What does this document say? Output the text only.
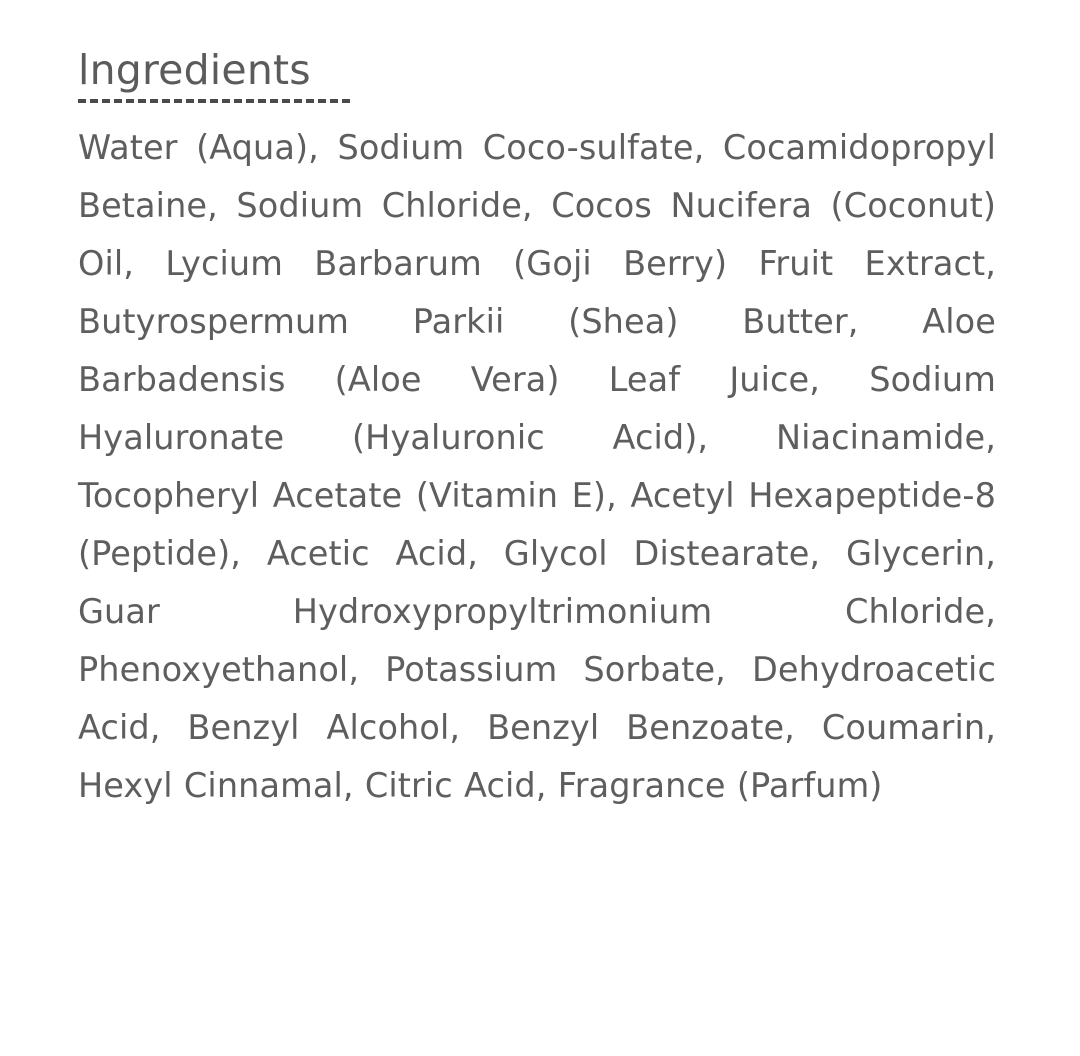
lngredients

Water (Aqua), Sodium Coco-sulfate, Cocamidopropyl Betaine, Sodium Chloride, Cocos Nucifera (Coconut) Oil, Lycium Barbarum (Goji Berry) Fruit Extract, Butyrospermum Parkii (Shea) Butter, Aloe Barbadensis (Aloe Vera) Leaf Juice, Sodium Hyaluronate (Hyaluronic Acid), Niacinamide, Tocopheryl Acetate (Vitamin E), Acetyl Hexapeptide-8 (Peptide), Acetic Acid, Glycol Distearate, Glycerin, Guar Hydroxypropyltrimonium Chloride, Phenoxyethanol, Potassium Sorbate, Dehydroacetic Acid, Benzyl Alcohol, Benzyl Benzoate, Coumarin, Hexyl Cinnamal, Citric Acid, Fragrance (Parfum)
